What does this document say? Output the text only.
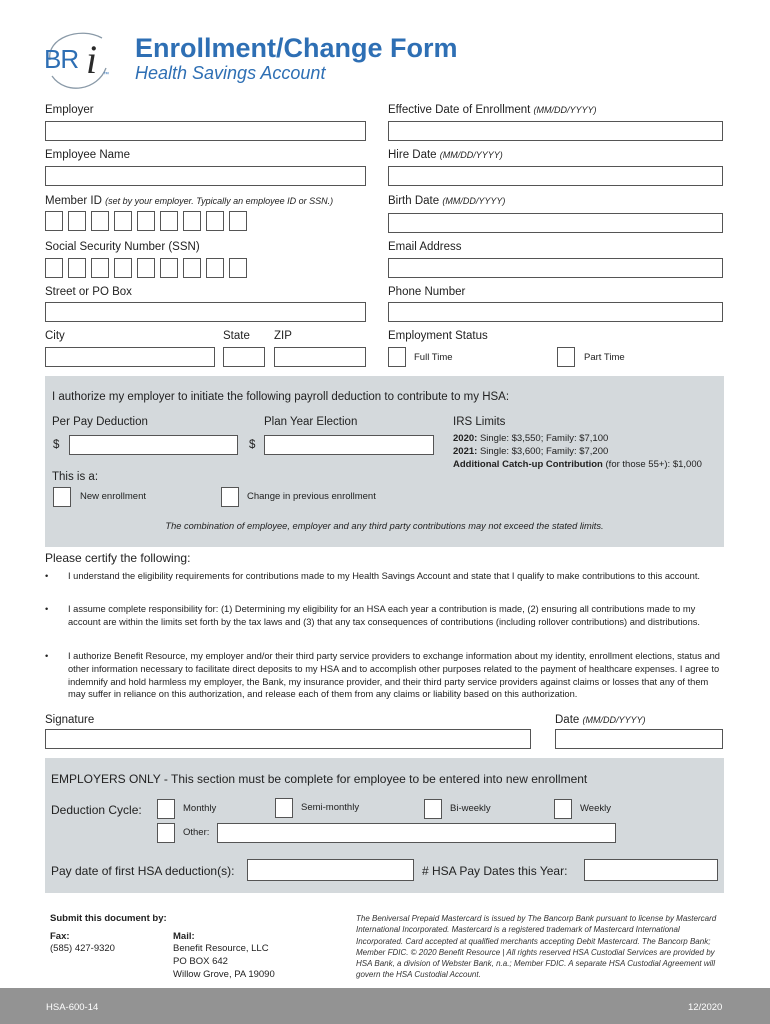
BR i ™
Enrollment/Change Form
Health Savings Account
Employer	Effective Date of Enrollment (MM/DD/YYYY)
Employee Name	Hire Date (MM/DD/YYYY)
Member ID (set by your employer. Typically an employee ID or SSN.)	Birth Date (MM/DD/YYYY)
Social Security Number (SSN)	Email Address
Street or PO Box	Phone Number
City	State ZIP	Employment Status
Full Time	Part Time
I authorize my employer to initiate the following payroll deduction to contribute to my HSA:
Per Pay Deduction
$
Plan Year Election
$
IRS Limits
2020: Single: $3,550; Family: $7,100
2021: Single: $3,600; Family: $7,200
Additional Catch-up Contribution (for those 55+): $1,000
This is a:
New enrollment	Change in previous enrollment
The combination of employee, employer and any third party contributions may not exceed the stated limits.
Please certify the following:
• I understand the eligibility requirements for contributions made to my Health Savings Account and state that I qualify to make contributions to this account.
• I assume complete responsibility for: (1) Determining my eligibility for an HSA each year a contribution is made, (2) ensuring all contributions made to my account are within the limits set forth by the tax laws and (3) that any tax consequences of contributions (including rollover contributions) and distributions.
• I authorize Benefit Resource, my employer and/or their third party service providers to exchange information about my identity, enrollment elections, status and other information necessary to facilitate direct deposits to my HSA and to accomplish other purposes related to the payment of healthcare expenses. I agree to indemnify and hold harmless my employer, the Bank, my insurance provider, and their third party service providers against claims or losses that any of them may suffer in reliance on this authorization, and release each of them from any claims or liability based on this authorization.
Signature	Date (MM/DD/YYYY)
EMPLOYERS ONLY - This section must be complete for employee to be entered into new enrollment
Deduction Cycle:	Monthly	Semi-monthly	Bi-weekly	Weekly
Other:
Pay date of first HSA deduction(s):	# HSA Pay Dates this Year:
Submit this document by:
Fax:
(585) 427-9320
Mail:
Benefit Resource, LLC
PO BOX 642
Willow Grove, PA 19090
The Beniversal Prepaid Mastercard is issued by The Bancorp Bank pursuant to license by Mastercard International Incorporated. Mastercard is a registered trademark of Mastercard International Incorporated. Card accepted at qualified merchants accepting Debit Mastercard. The Bancorp Bank; Member FDIC. © 2020 Benefit Resource | All rights reserved HSA Custodial Services are provided by HSA Bank, a division of Webster Bank, n.a.; Member FDIC. A separate HSA Custodial Agreement will govern the HSA Custodial Account.
HSA-600-14	12/2020
